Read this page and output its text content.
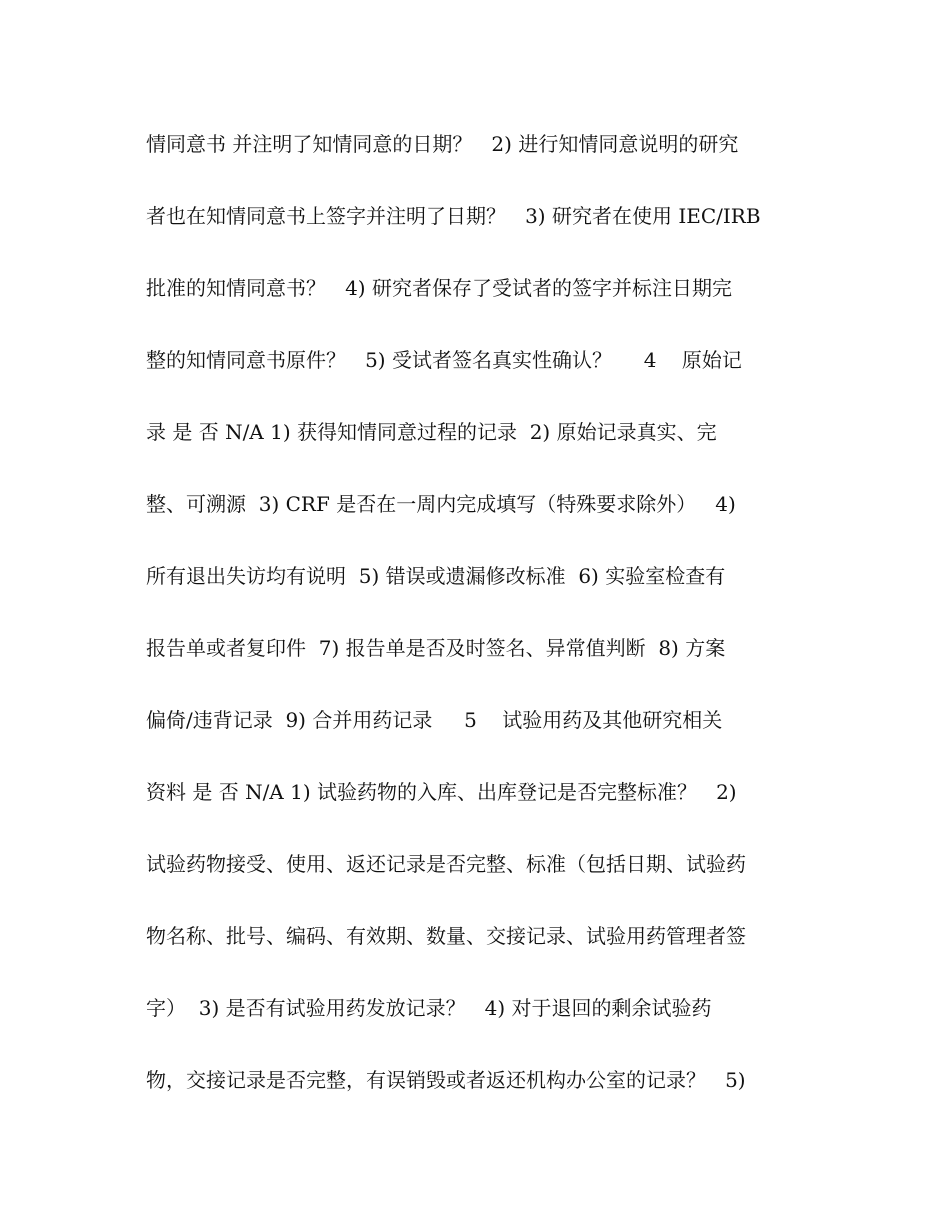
情同意书 并注明了知情同意的日期？   2) 进行知情同意说明的研究
者也在知情同意书上签字并注明了日期？   3) 研究者在使用 IEC/IRB
批准的知情同意书？   4) 研究者保存了受试者的签字并标注日期完
整的知情同意书原件？   5) 受试者签名真实性确认？     4    原始记
录 是 否 N/A 1) 获得知情同意过程的记录  2) 原始记录真实、完
整、可溯源  3) CRF 是否在一周内完成填写（特殊要求除外）   4)
所有退出失访均有说明  5) 错误或遗漏修改标准  6) 实验室检查有
报告单或者复印件  7) 报告单是否及时签名、异常值判断  8) 方案
偏倚/违背记录  9) 合并用药记录     5    试验用药及其他研究相关
资料 是 否 N/A 1) 试验药物的入库、出库登记是否完整标准？   2)
试验药物接受、使用、返还记录是否完整、标准（包括日期、试验药
物名称、批号、编码、有效期、数量、交接记录、试验用药管理者签
字）  3) 是否有试验用药发放记录？   4) 对于退回的剩余试验药
物，交接记录是否完整，有误销毁或者返还机构办公室的记录？   5)
